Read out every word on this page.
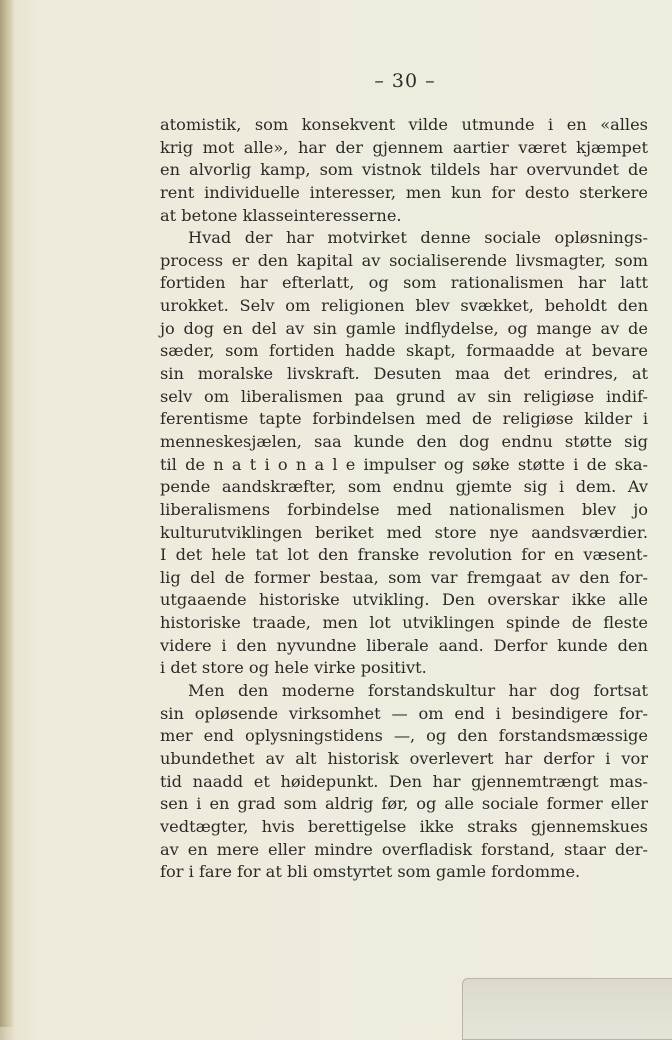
– 30 –
atomistik, som konsekvent vilde utmunde i en «alles
krig mot alle», har der gjennem aartier været kjæmpet
en alvorlig kamp, som vistnok tildels har overvundet de
rent individuelle interesser, men kun for desto sterkere
at betone klasseinteresserne.
Hvad der har motvirket denne sociale opløsnings-
process er den kapital av socialiserende livsmagter, som
fortiden har efterlatt, og som rationalismen har latt
urokket. Selv om religionen blev svækket, beholdt den
jo dog en del av sin gamle indflydelse, og mange av de
sæder, som fortiden hadde skapt, formaadde at bevare
sin moralske livskraft. Desuten maa det erindres, at
selv om liberalismen paa grund av sin religiøse indif-
ferentisme tapte forbindelsen med de religiøse kilder i
menneskesjælen, saa kunde den dog endnu støtte sig
til de n a t i o n a l e impulser og søke støtte i de ska-
pende aandskræfter, som endnu gjemte sig i dem. Av
liberalismens forbindelse med nationalismen blev jo
kulturutviklingen beriket med store nye aandsværdier.
I det hele tat lot den franske revolution for en væsent-
lig del de former bestaa, som var fremgaat av den for-
utgaaende historiske utvikling. Den overskar ikke alle
historiske traade, men lot utviklingen spinde de fleste
videre i den nyvundne liberale aand. Derfor kunde den
i det store og hele virke positivt.
Men den moderne forstandskultur har dog fortsat
sin opløsende virksomhet — om end i besindigere for-
mer end oplysningstidens —, og den forstandsmæssige
ubundethet av alt historisk overlevert har derfor i vor
tid naadd et høidepunkt. Den har gjennemtrængt mas-
sen i en grad som aldrig før, og alle sociale former eller
vedtægter, hvis berettigelse ikke straks gjennemskues
av en mere eller mindre overfladisk forstand, staar der-
for i fare for at bli omstyrtet som gamle fordomme.
